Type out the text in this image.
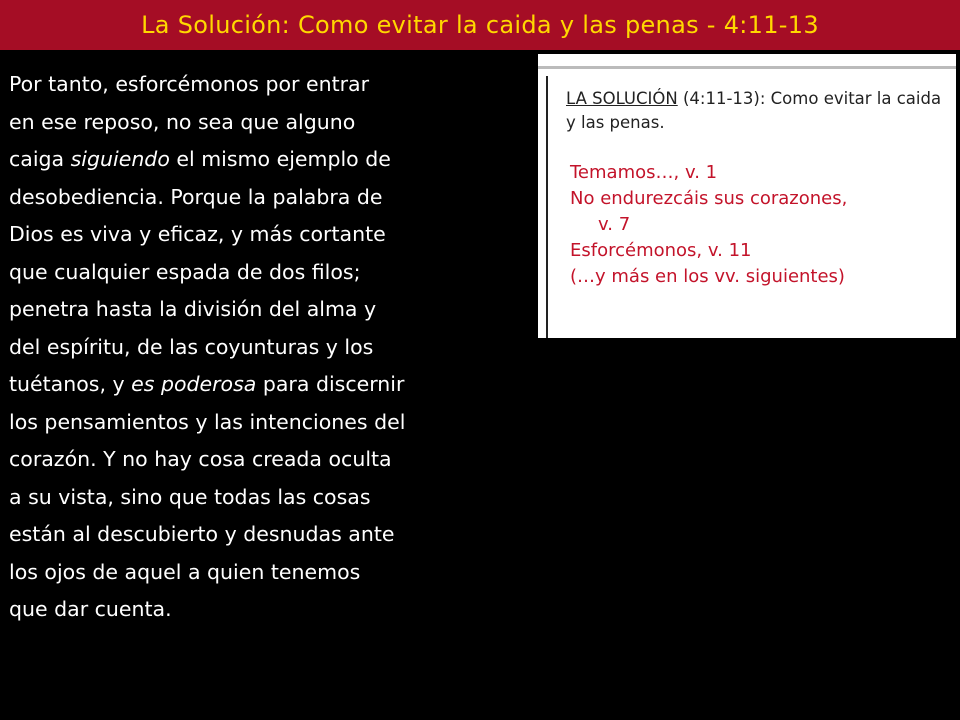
La Solución: Como evitar la caida y las penas - 4:11-13

Por tanto, esforcémonos por entrar

en ese reposo, no sea que alguno

caiga siguiendo el mismo ejemplo de

desobediencia. Porque la palabra de

Dios es viva y eficaz, y más cortante

que cualquier espada de dos filos;

penetra hasta la división del alma y

del espíritu, de las coyunturas y los

tuétanos, y es poderosa para discernir

los pensamientos y las intenciones del

corazón. Y no hay cosa creada oculta

a su vista, sino que todas las cosas

están al descubierto y desnudas ante

los ojos de aquel a quien tenemos

que dar cuenta.

LA SOLUCIÓN (4:11-13): Como evitar la caida y las penas.
Temamos…, v. 1
No endurezcáis sus corazones,
v. 7
Esforcémonos, v. 11
(…y más en los vv. siguientes)
